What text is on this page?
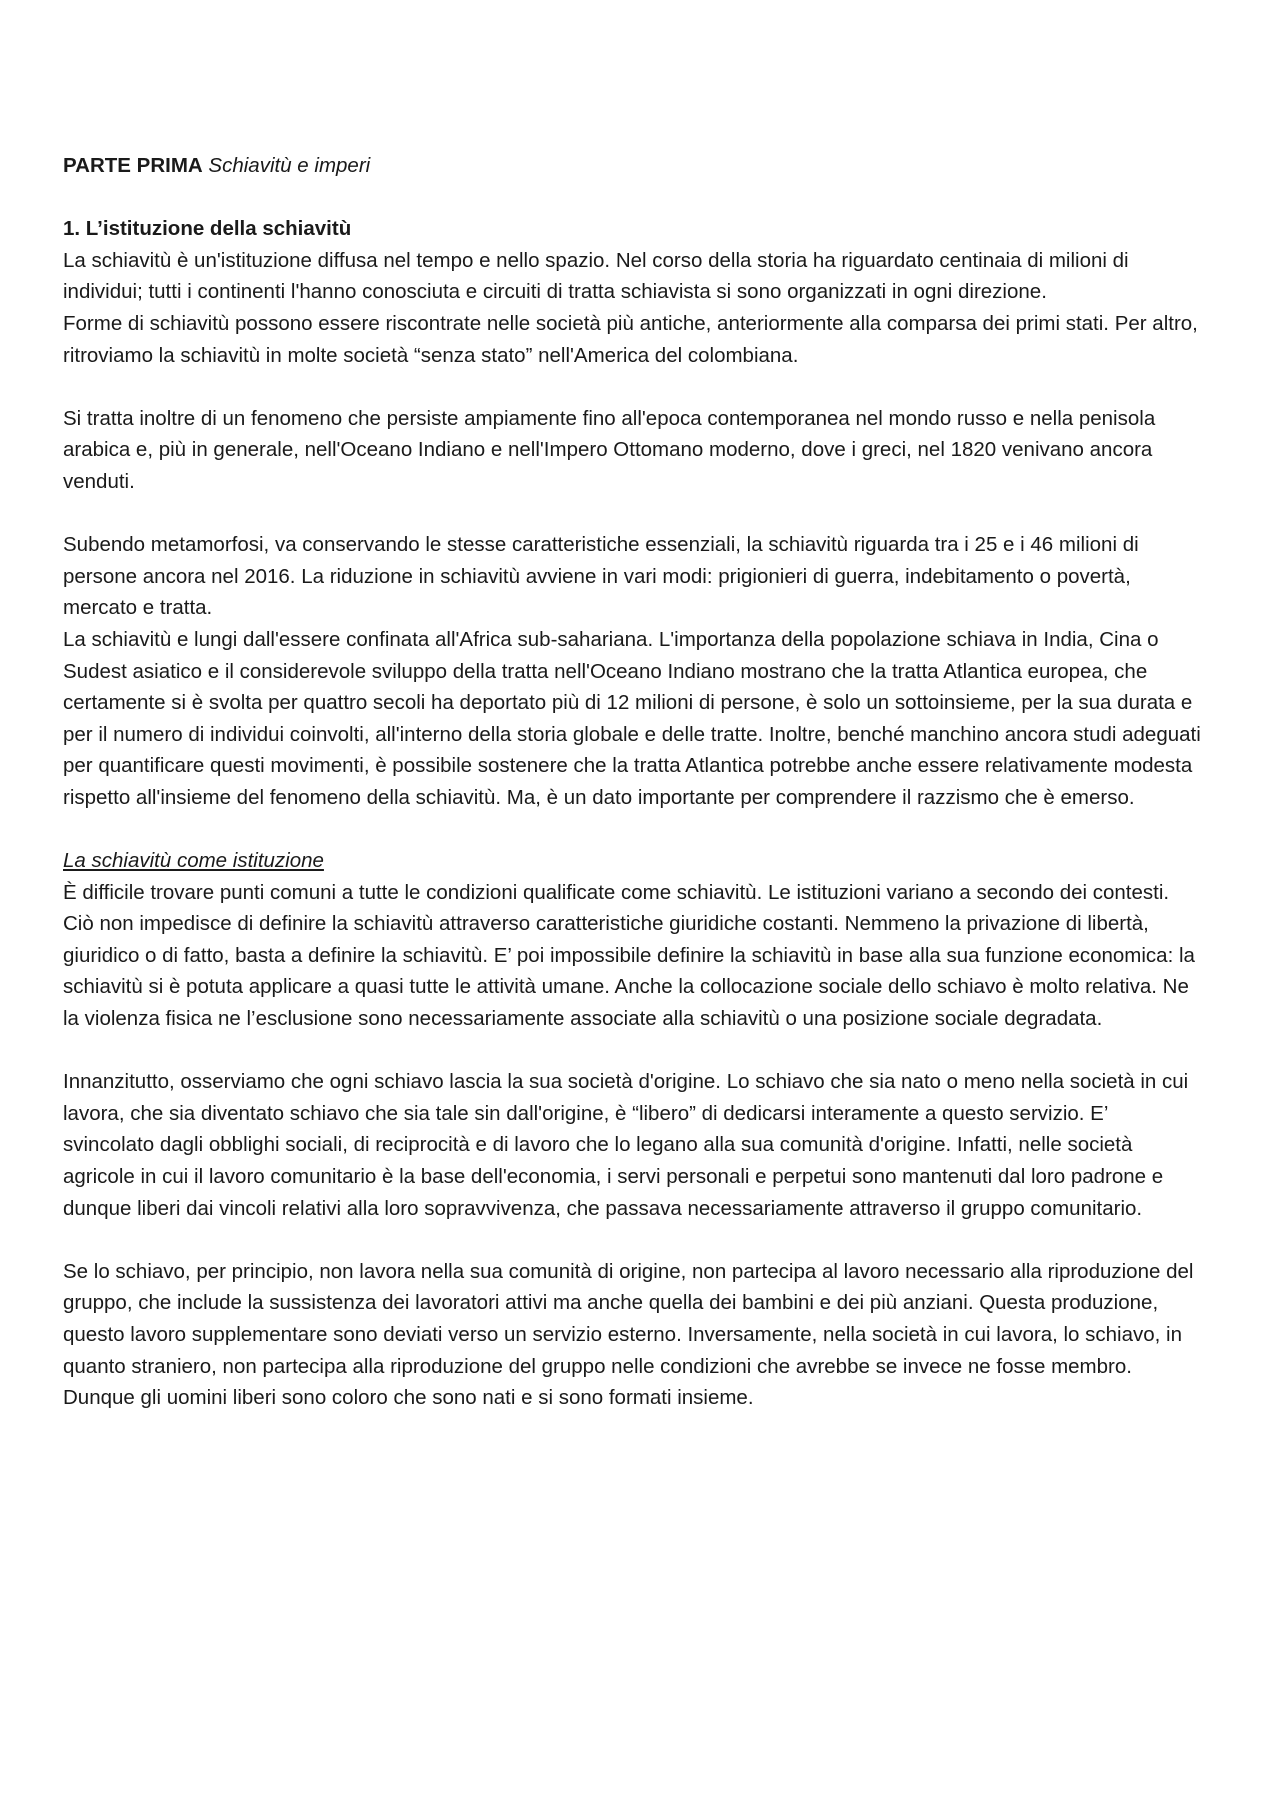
PARTE PRIMA Schiavitù e imperi

1. L’istituzione della schiavitù

La schiavitù è un'istituzione diffusa nel tempo e nello spazio. Nel corso della storia ha riguardato centinaia di milioni di individui; tutti i continenti l'hanno conosciuta e circuiti di tratta schiavista si sono organizzati in ogni direzione.

Forme di schiavitù possono essere riscontrate nelle società più antiche, anteriormente alla comparsa dei primi stati. Per altro, ritroviamo la schiavitù in molte società “senza stato” nell'America del colombiana.

Si tratta inoltre di un fenomeno che persiste ampiamente fino all'epoca contemporanea nel mondo russo e nella penisola arabica e, più in generale, nell'Oceano Indiano e nell'Impero Ottomano moderno, dove i greci, nel 1820 venivano ancora venduti.

Subendo metamorfosi, va conservando le stesse caratteristiche essenziali, la schiavitù riguarda tra i 25 e i 46 milioni di persone ancora nel 2016. La riduzione in schiavitù avviene in vari modi: prigionieri di guerra, indebitamento o povertà, mercato e tratta.

La schiavitù e lungi dall'essere confinata all'Africa sub-sahariana. L'importanza della popolazione schiava in India, Cina o Sudest asiatico e il considerevole sviluppo della tratta nell'Oceano Indiano mostrano che la tratta Atlantica europea, che certamente si è svolta per quattro secoli ha deportato più di 12 milioni di persone, è solo un sottoinsieme, per la sua durata e per il numero di individui coinvolti, all'interno della storia globale e delle tratte. Inoltre, benché manchino ancora studi adeguati per quantificare questi movimenti, è possibile sostenere che la tratta Atlantica potrebbe anche essere relativamente modesta rispetto all'insieme del fenomeno della schiavitù. Ma, è un dato importante per comprendere il razzismo che è emerso.

La schiavitù come istituzione

È difficile trovare punti comuni a tutte le condizioni qualificate come schiavitù. Le istituzioni variano a secondo dei contesti. Ciò non impedisce di definire la schiavitù attraverso caratteristiche giuridiche costanti. Nemmeno la privazione di libertà, giuridico o di fatto, basta a definire la schiavitù. E’ poi impossibile definire la schiavitù in base alla sua funzione economica: la schiavitù si è potuta applicare a quasi tutte le attività umane. Anche la collocazione sociale dello schiavo è molto relativa. Ne la violenza fisica ne l’esclusione sono necessariamente associate alla schiavitù o una posizione sociale degradata.

Innanzitutto, osserviamo che ogni schiavo lascia la sua società d'origine. Lo schiavo che sia nato o meno nella società in cui lavora, che sia diventato schiavo che sia tale sin dall'origine, è “libero” di dedicarsi interamente a questo servizio. E’ svincolato dagli obblighi sociali, di reciprocità e di lavoro che lo legano alla sua comunità d'origine. Infatti, nelle società agricole in cui il lavoro comunitario è la base dell'economia, i servi personali e perpetui sono mantenuti dal loro padrone e dunque liberi dai vincoli relativi alla loro sopravvivenza, che passava necessariamente attraverso il gruppo comunitario.

Se lo schiavo, per principio, non lavora nella sua comunità di origine, non partecipa al lavoro necessario alla riproduzione del gruppo, che include la sussistenza dei lavoratori attivi ma anche quella dei bambini e dei più anziani. Questa produzione, questo lavoro supplementare sono deviati verso un servizio esterno. Inversamente, nella società in cui lavora, lo schiavo, in quanto straniero, non partecipa alla riproduzione del gruppo nelle condizioni che avrebbe se invece ne fosse membro. Dunque gli uomini liberi sono coloro che sono nati e si sono formati insieme.
